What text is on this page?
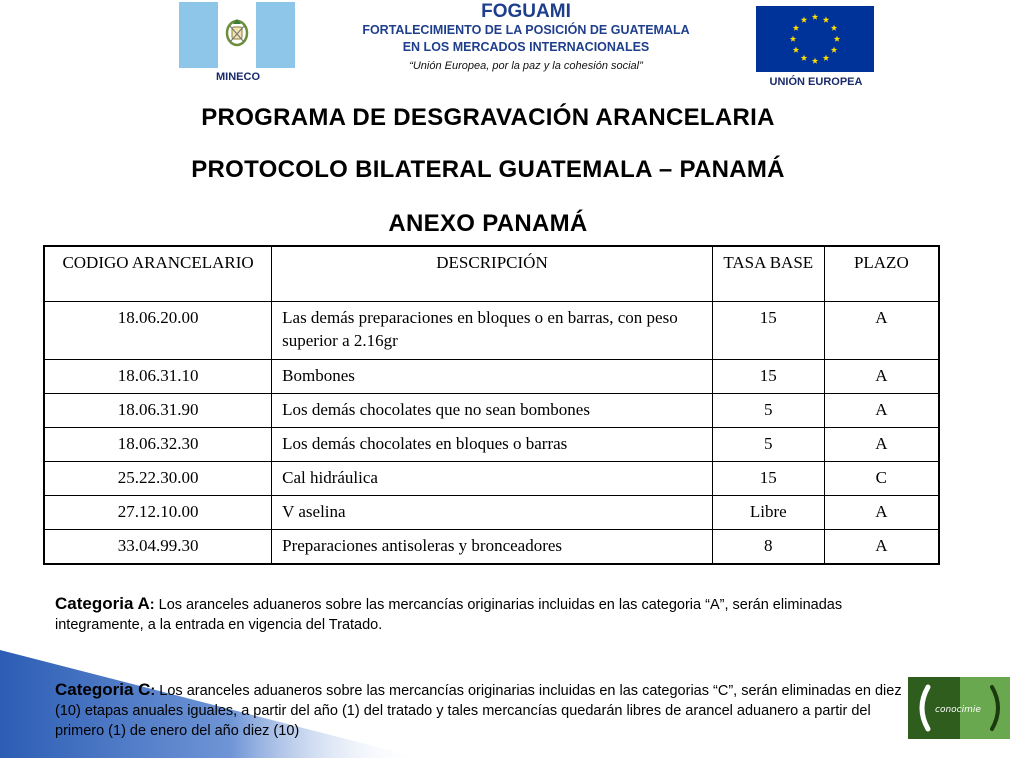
MINECO
FOGUAMI
FORTALECIMIENTO DE LA POSICIÓN DE GUATEMALA
EN LOS MERCADOS INTERNACIONALES
“Unión Europea, por la paz y la cohesión social”
UNIÓN EUROPEA
PROGRAMA DE DESGRAVACIÓN ARANCELARIA
PROTOCOLO BILATERAL GUATEMALA – PANAMÁ
ANEXO PANAMÁ
CODIGO ARANCELARIO	DESCRIPCIÓN	TASA BASE	PLAZO
18.06.20.00	Las demás preparaciones en bloques o en barras, con peso superior a 2.16gr	15	A
18.06.31.10	Bombones	15	A
18.06.31.90	Los demás chocolates que no sean bombones	5	A
18.06.32.30	Los demás chocolates en bloques o barras	5	A
25.22.30.00	Cal hidráulica	15	C
27.12.10.00	V aselina	Libre	A
33.04.99.30	Preparaciones antisoleras y bronceadores	8	A
Categoria A: Los aranceles aduaneros sobre las mercancías originarias incluidas en las categoria “A”, serán eliminadas integramente, a la entrada en vigencia del Tratado.
Categoria C: Los aranceles aduaneros sobre las mercancías originarias incluidas en las categorias “C”, serán eliminadas en diez (10) etapas anuales iguales, a partir del año (1) del tratado y tales mercancías quedarán libres de arancel aduanero a partir del primero (1) de enero del año diez (10)
conocimie
